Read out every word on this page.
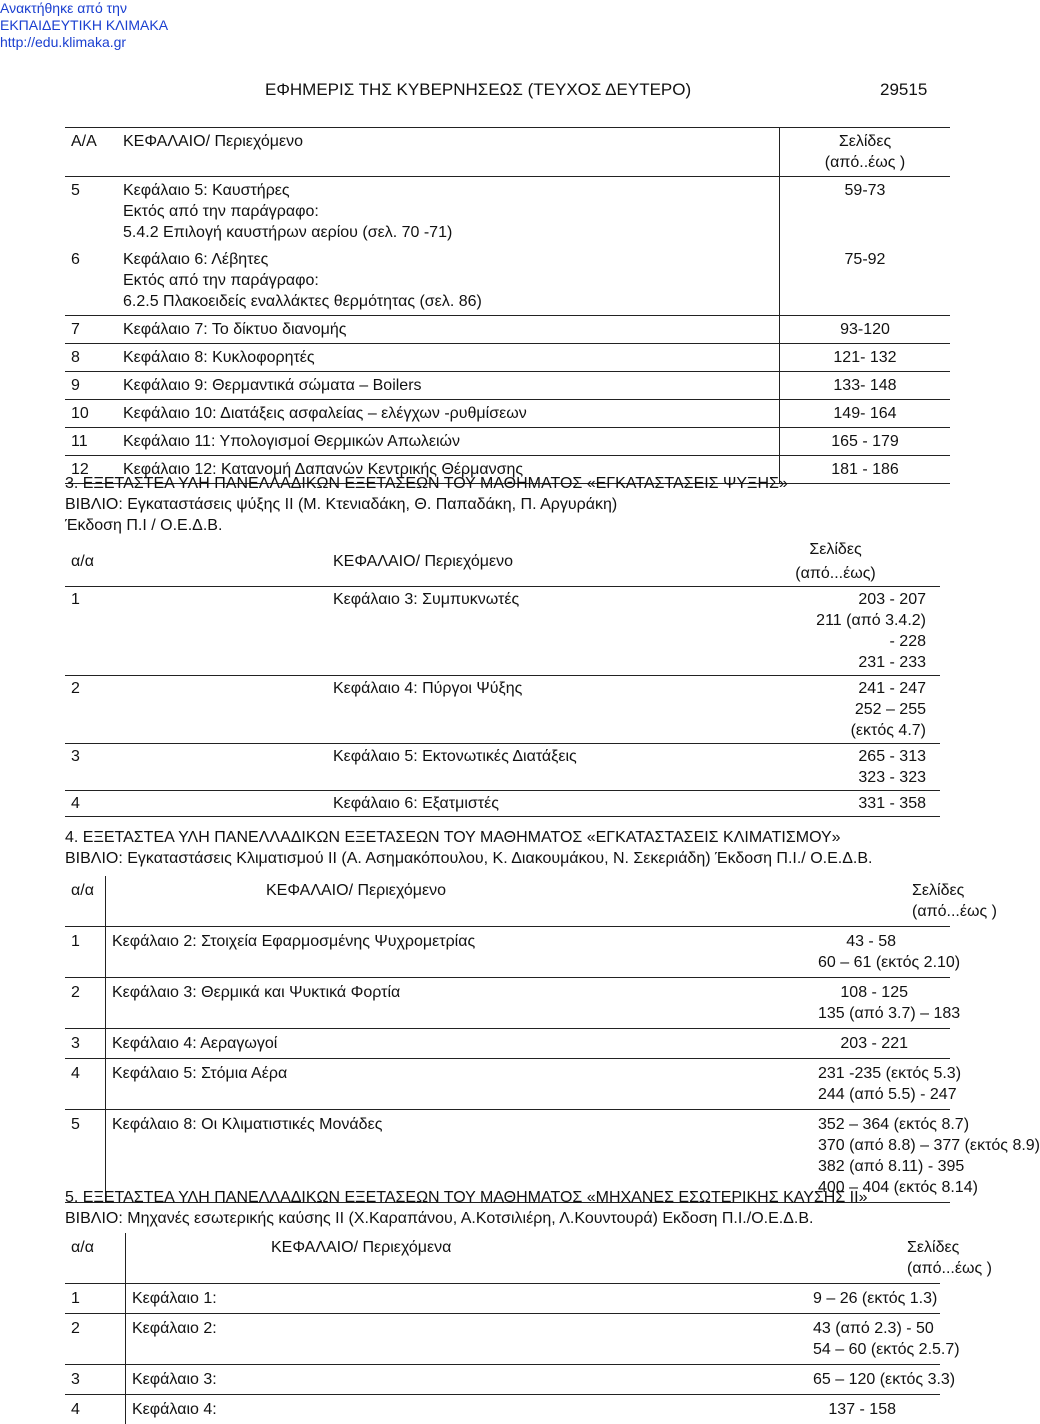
Ανακτήθηκε από την
ΕΚΠΑΙΔΕΥΤΙΚΗ ΚΛΙΜΑΚΑ
http://edu.klimaka.gr
ΕΦΗΜΕΡΙΣ ΤΗΣ ΚΥΒΕΡΝΗΣΕΩΣ (ΤΕΥΧΟΣ ΔΕΥΤΕΡΟ)	29515
Α/Α	ΚΕΦΑΛΑΙΟ/ Περιεχόμενο	Σελίδες
(από..έως )

5	Κεφάλαιο 5: Καυστήρες
Εκτός από την παράγραφο:
5.4.2 Επιλογή καυστήρων αερίου (σελ. 70 -71)	59-73
6	Κεφάλαιο 6: Λέβητες
Εκτός από την παράγραφο:
6.2.5 Πλακοειδείς εναλλάκτες θερμότητας (σελ. 86)	75-92
7	Κεφάλαιο 7: Το δίκτυο διανομής	93-120
8	Κεφάλαιο 8: Κυκλοφορητές	121- 132
9	Κεφάλαιο 9: Θερμαντικά σώματα – Boilers	133- 148
10	Κεφάλαιο 10: Διατάξεις ασφαλείας – ελέγχων -ρυθμίσεων	149- 164
11	Κεφάλαιο 11: Υπολογισμοί Θερμικών Απωλειών	165 - 179
12	Κεφάλαιο 12: Κατανομή Δαπανών Κεντρικής Θέρμανσης	181 - 186
3. ΕΞΕΤΑΣΤΕΑ ΥΛΗ ΠΑΝΕΛΛΑΔΙΚΩΝ ΕΞΕΤΑΣΕΩΝ ΤΟΥ ΜΑΘΗΜΑΤΟΣ «ΕΓΚΑΤΑΣΤΑΣΕΙΣ ΨΥΞΗΣ»
ΒΙΒΛΙΟ: Εγκαταστάσεις ψύξης ΙΙ (Μ. Κτενιαδάκη, Θ. Παπαδάκη, Π. Αργυράκη)
Έκδοση Π.Ι / Ο.Ε.Δ.Β.
α/α	ΚΕΦΑΛΑΙΟ/ Περιεχόμενο	Σελίδες
(από...έως)

1	Κεφάλαιο 3: Συμπυκνωτές	203 - 207
211 (από 3.4.2)
- 228
231 - 233

2	Κεφάλαιο 4: Πύργοι Ψύξης	241 - 247
252 – 255
(εκτός 4.7)

3	Κεφάλαιο 5: Εκτονωτικές Διατάξεις	265 - 313
323 - 323

4	Κεφάλαιο 6: Εξατμιστές	331 - 358
4. ΕΞΕΤΑΣΤΕΑ ΥΛΗ ΠΑΝΕΛΛΑΔΙΚΩΝ ΕΞΕΤΑΣΕΩΝ ΤΟΥ ΜΑΘΗΜΑΤΟΣ «ΕΓΚΑΤΑΣΤΑΣΕΙΣ ΚΛΙΜΑΤΙΣΜΟΥ»
ΒΙΒΛΙΟ: Εγκαταστάσεις Κλιματισμού ΙΙ (Α. Ασημακόπουλου, Κ. Διακουμάκου, Ν. Σεκεριάδη) Έκδοση Π.Ι./ Ο.Ε.Δ.Β.
α/α	ΚΕΦΑΛΑΙΟ/ Περιεχόμενο	Σελίδες
(από...έως )

1	Κεφάλαιο 2: Στοιχεία Εφαρμοσμένης Ψυχρομετρίας	43 - 58
60 – 61 (εκτός 2.10)

2	Κεφάλαιο 3: Θερμικά και Ψυκτικά Φορτία	108 - 125
135 (από 3.7) – 183

3	Κεφάλαιο 4: Αεραγωγοί	203 - 221

4	Κεφάλαιο 5: Στόμια Αέρα	231 -235 (εκτός 5.3)
244 (από 5.5) - 247

5	Κεφάλαιο 8: Οι Κλιματιστικές Μονάδες	352 – 364 (εκτός 8.7)
370 (από 8.8) – 377 (εκτός 8.9)
382 (από 8.11) - 395
400 – 404 (εκτός 8.14)
5. ΕΞΕΤΑΣΤΕΑ ΥΛΗ ΠΑΝΕΛΛΑΔΙΚΩΝ ΕΞΕΤΑΣΕΩΝ ΤΟΥ ΜΑΘΗΜΑΤΟΣ «ΜΗΧΑΝΕΣ ΕΣΩΤΕΡΙΚΗΣ ΚΑΥΣΗΣ ΙΙ»
ΒΙΒΛΙΟ: Μηχανές εσωτερικής καύσης ΙΙ (Χ.Καραπάνου, Α.Κοτσιλιέρη, Λ.Κουντουρά) Εκδοση Π.Ι./Ο.Ε.Δ.Β.
α/α	ΚΕΦΑΛΑΙΟ/ Περιεχόμενα	Σελίδες
(από...έως )

1	Κεφάλαιο 1:	9 – 26 (εκτός 1.3)

2	Κεφάλαιο 2:	43 (από 2.3) - 50
54 – 60 (εκτός 2.5.7)

3	Κεφάλαιο 3:	65 – 120 (εκτός 3.3)

4	Κεφάλαιο 4:	137 - 158
